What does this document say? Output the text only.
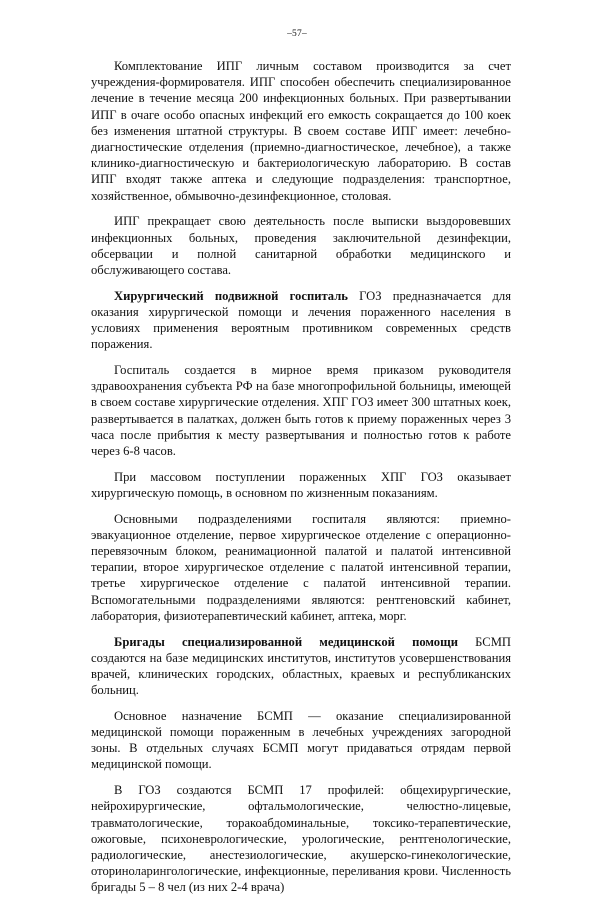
–57–

Комплектование ИПГ личным составом производится за счет учреждения-формирователя. ИПГ способен обеспечить специализированное лечение в течение месяца 200 инфекционных больных. При развертывании ИПГ в очаге особо опасных инфекций его емкость сокращается до 100 коек без изменения штатной структуры. В своем составе ИПГ имеет: лечебно-диагностические отделения (приемно-диагностическое, лечебное), а также клинико-диагностическую и бактериологическую лабораторию. В состав ИПГ входят также аптека и следующие подразделения: транспортное, хозяйственное, обмывочно-дезинфекционное, столовая.

ИПГ прекращает свою деятельность после выписки выздоровевших инфекционных больных, проведения заключительной дезинфекции, обсервации и полной санитарной обработки медицинского и обслуживающего состава.

Хирургический подвижной госпиталь ГОЗ предназначается для оказания хирургической помощи и лечения пораженного населения в условиях применения вероятным противником современных средств поражения.

Госпиталь создается в мирное время приказом руководителя здравоохранения субъекта РФ на базе многопрофильной больницы, имеющей в своем составе хирургические отделения. ХПГ ГОЗ имеет 300 штатных коек, развертывается в палатках, должен быть готов к приему пораженных через 3 часа после прибытия к месту развертывания и полностью готов к работе через 6-8 часов.

При массовом поступлении пораженных ХПГ ГОЗ оказывает хирургическую помощь, в основном по жизненным показаниям.

Основными подразделениями госпиталя являются: приемно-эвакуационное отделение, первое хирургическое отделение с операционно-перевязочным блоком, реанимационной палатой и палатой интенсивной терапии, второе хирургическое отделение с палатой интенсивной терапии, третье хирургическое отделение с палатой интенсивной терапии. Вспомогательными подразделениями являются: рентгеновский кабинет, лаборатория, физиотерапевтический кабинет, аптека, морг.

Бригады специализированной медицинской помощи БСМП создаются на базе медицинских институтов, институтов усовершенствования врачей, клинических городских, областных, краевых и республиканских больниц.

Основное назначение БСМП — оказание специализированной медицинской помощи пораженным в лечебных учреждениях загородной зоны. В отдельных случаях БСМП могут придаваться отрядам первой медицинской помощи.

В ГОЗ создаются БСМП 17 профилей: общехирургические, нейрохирургические, офтальмологические, челюстно-лицевые, травматологические, торакоабдоминальные, токсико-терапевтические, ожоговые, психоневрологические, урологические, рентгенологические, радиологические, анестезиологические, акушерско-гинекологические, оториноларингологические, инфекционные, переливания крови. Численность бригады 5 – 8 чел (из них 2-4 врача)
